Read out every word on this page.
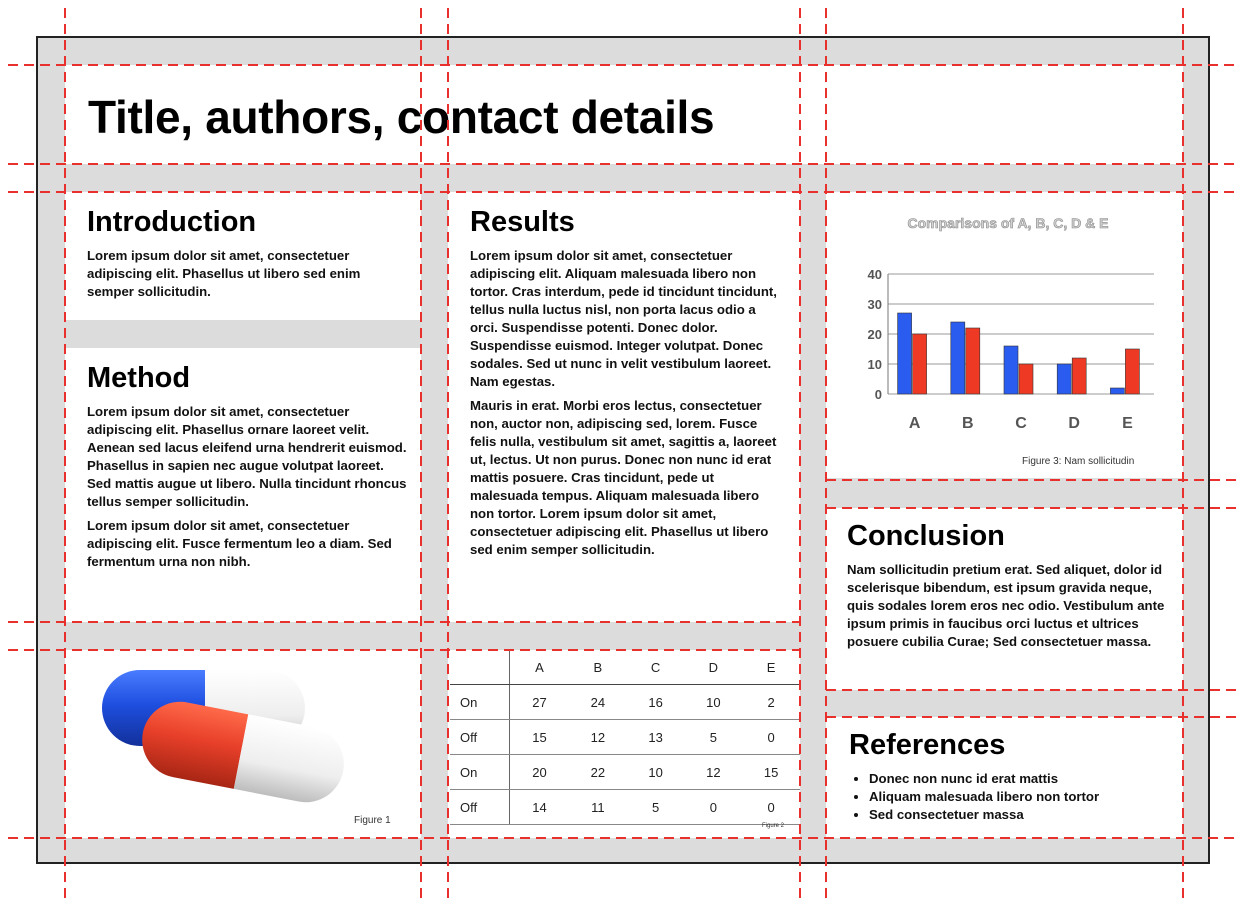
Title, authors, contact details
Introduction

Lorem ipsum dolor sit amet, consectetuer adipiscing elit. Phasellus ut libero sed enim semper sollicitudin.

Method

Lorem ipsum dolor sit amet, consectetuer adipiscing elit. Phasellus ornare laoreet velit. Aenean sed lacus eleifend urna hendrerit euismod. Phasellus in sapien nec augue volutpat laoreet. Sed mattis augue ut libero. Nulla tincidunt rhoncus tellus semper sollicitudin.

Lorem ipsum dolor sit amet, consectetuer adipiscing elit. Fusce fermentum leo a diam. Sed fermentum urna non nibh.

Results

Lorem ipsum dolor sit amet, consectetuer adipiscing elit. Aliquam malesuada libero non tortor. Cras interdum, pede id tincidunt tincidunt, tellus nulla luctus nisl, non porta lacus odio a orci. Suspendisse potenti. Donec dolor. Suspendisse euismod. Integer volutpat. Donec sodales. Sed ut nunc in velit vestibulum laoreet. Nam egestas.

Mauris in erat. Morbi eros lectus, consectetuer non, auctor non, adipiscing sed, lorem. Fusce felis nulla, vestibulum sit amet, sagittis a, laoreet ut, lectus. Ut non purus. Donec non nunc id erat mattis posuere. Cras tincidunt, pede ut malesuada tempus. Aliquam malesuada libero non tortor. Lorem ipsum dolor sit amet, consectetuer adipiscing elit. Phasellus ut libero sed enim semper sollicitudin.	Conclusion

Nam sollicitudin pretium erat. Sed aliquet, dolor id scelerisque bibendum, est ipsum gravida neque, quis sodales lorem eros nec odio. Vestibulum ante ipsum primis in faucibus orci luctus et ultrices posuere cubilia Curae; Sed consectetuer massa.

References
• Donec non nunc id erat mattis
• Aliquam malesuada libero non tortor
• Sed consectetuer massa
Figure 1
	A	B	C	D	E
On	27	24	16	10	2
Off	15	12	13	5	0
On	20	22	10	12	15
Off	14	11	5	0	0
Figure 2
Comparisons of A, B, C, D & E
0
10
20
30
40
A	B	C	D	E
Figure 3: Nam sollicitudin
